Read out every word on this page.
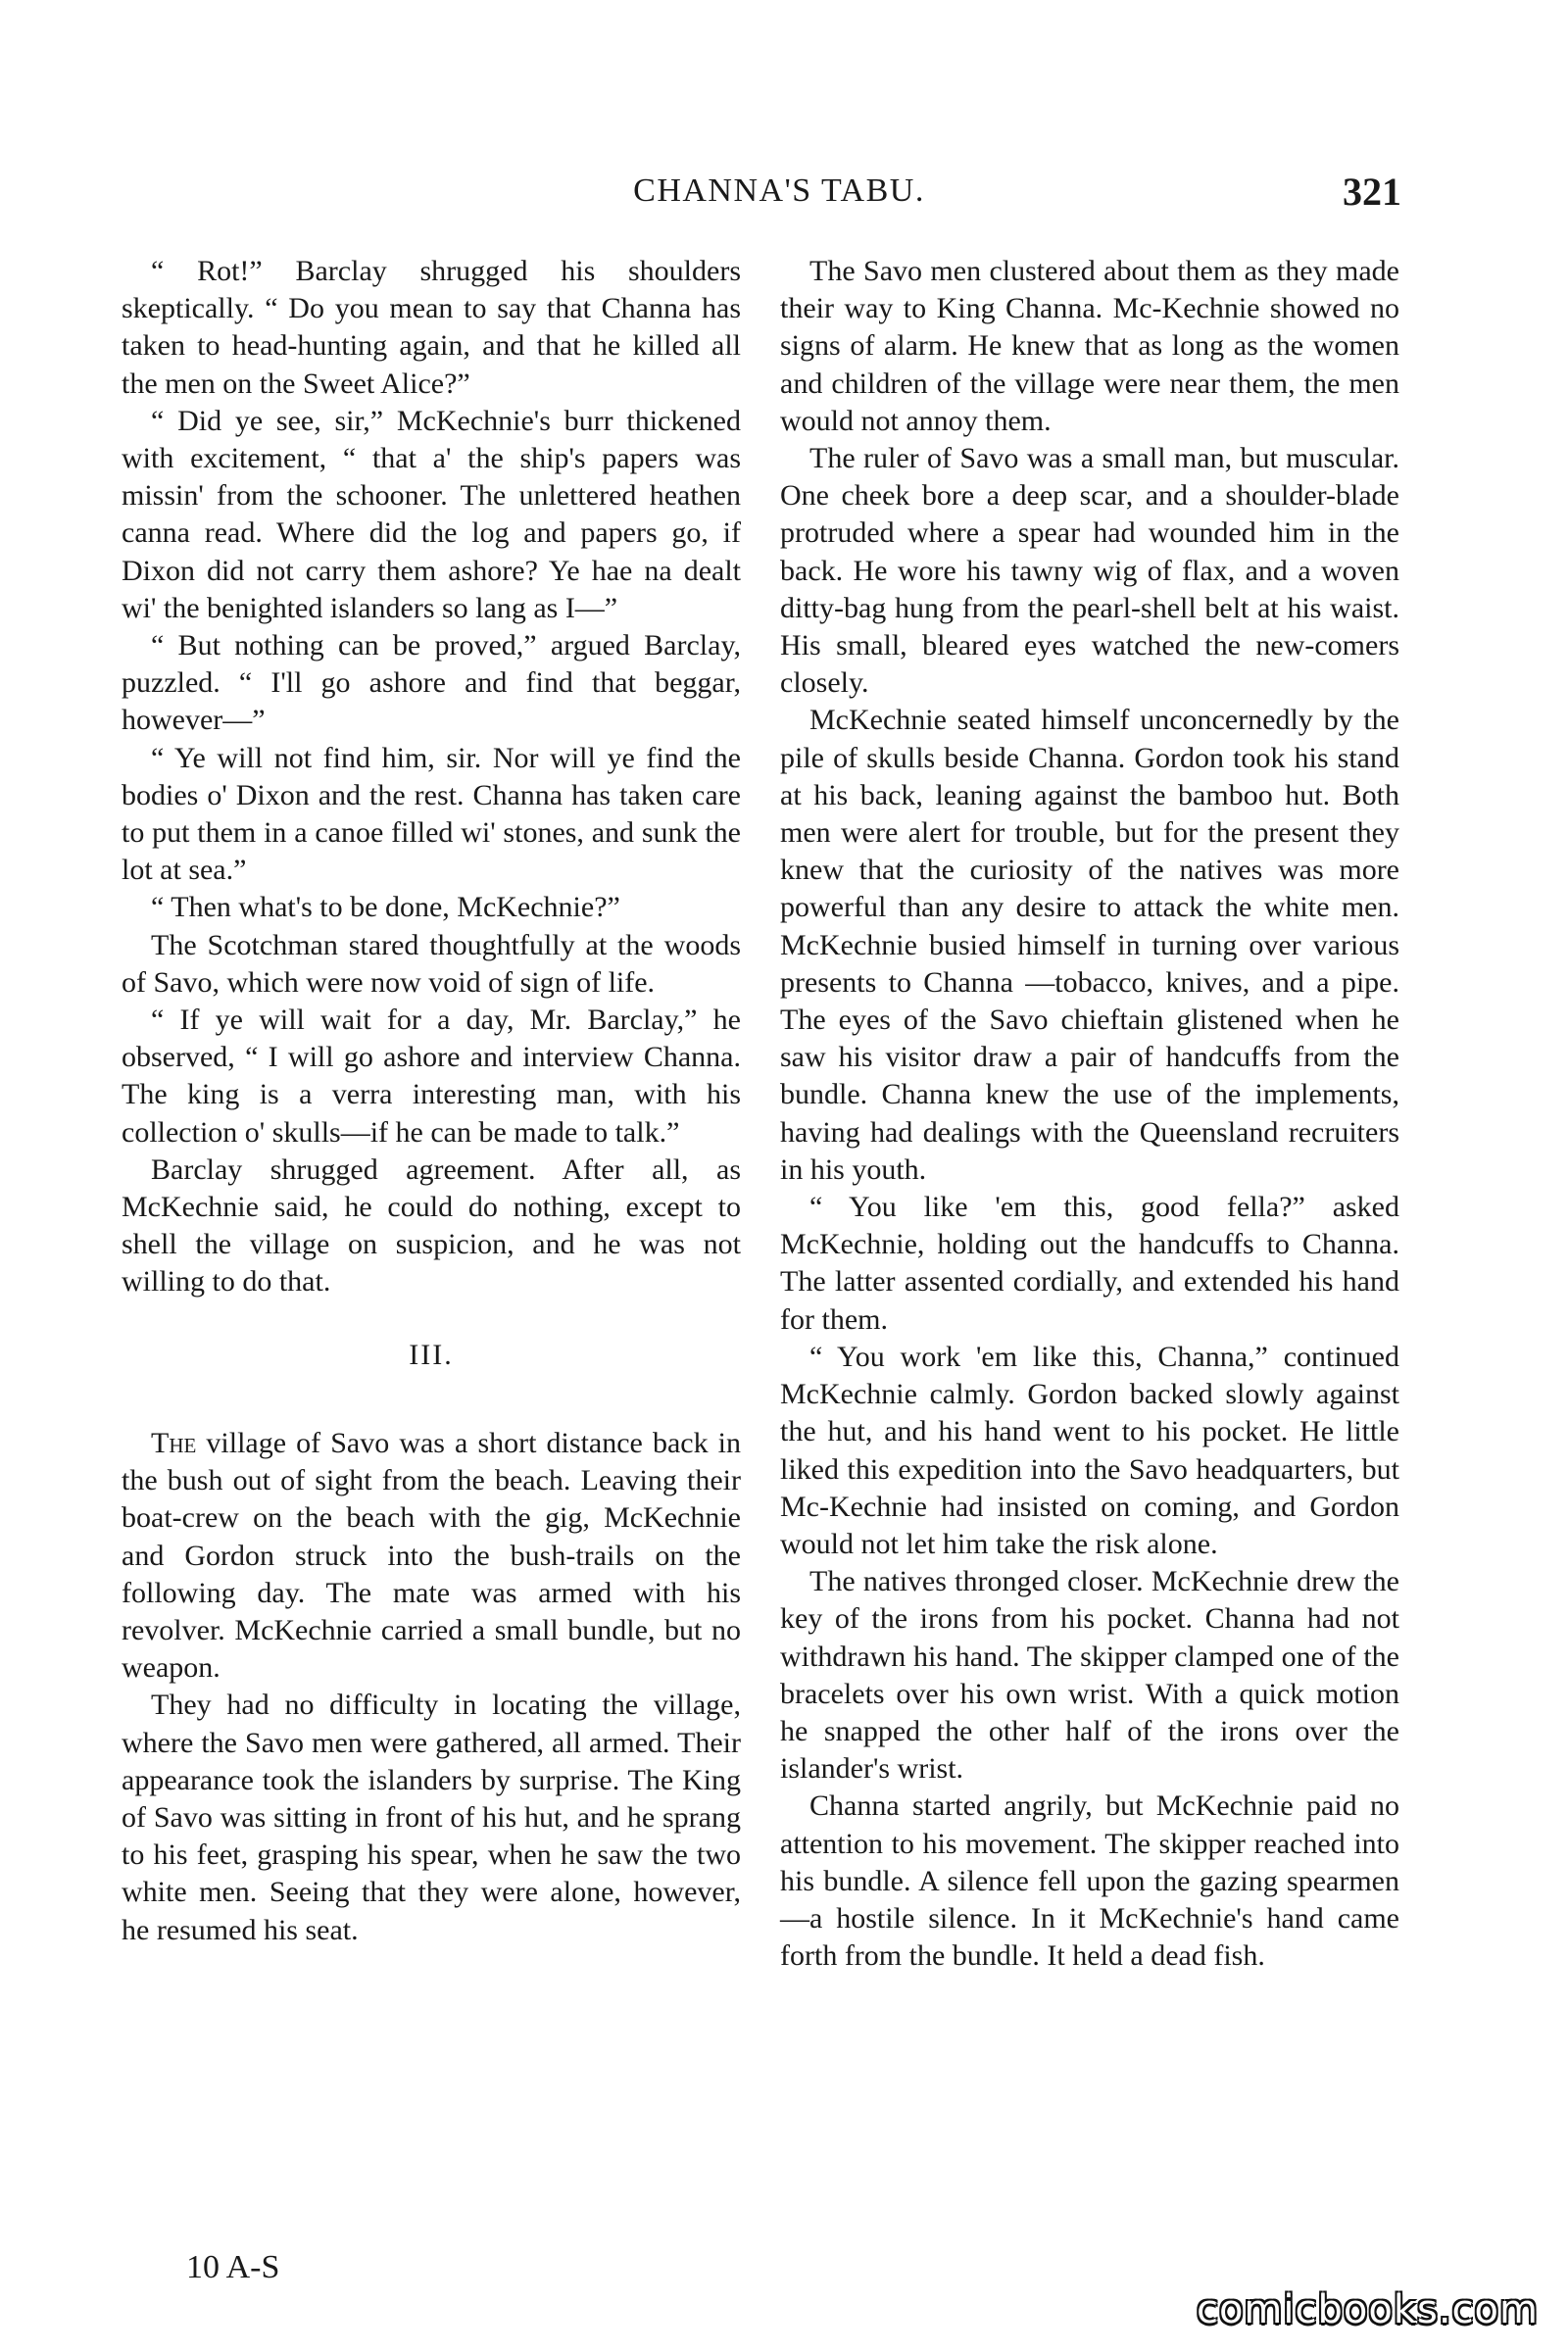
CHANNA'S TABU.	321

“ Rot!” Barclay shrugged his shoulders skeptically. “ Do you mean to say that Channa has taken to head-hunting again, and that he killed all the men on the Sweet Alice?”

“ Did ye see, sir,” McKechnie's burr thickened with excitement, “ that a' the ship's papers was missin' from the schooner. The unlettered heathen canna read. Where did the log and papers go, if Dixon did not carry them ashore? Ye hae na dealt wi' the benighted islanders so lang as I—”

“ But nothing can be proved,” argued Barclay, puzzled. “ I'll go ashore and find that beggar, however—”

“ Ye will not find him, sir. Nor will ye find the bodies o' Dixon and the rest. Channa has taken care to put them in a canoe filled wi' stones, and sunk the lot at sea.”

“ Then what's to be done, McKechnie?”

The Scotchman stared thoughtfully at the woods of Savo, which were now void of sign of life.

“ If ye will wait for a day, Mr. Barclay,” he observed, “ I will go ashore and interview Channa. The king is a verra interesting man, with his collection o' skulls—if he can be made to talk.”

Barclay shrugged agreement. After all, as McKechnie said, he could do nothing, except to shell the village on suspicion, and he was not willing to do that.

III.

The village of Savo was a short distance back in the bush out of sight from the beach. Leaving their boat-crew on the beach with the gig, McKechnie and Gordon struck into the bush-trails on the following day. The mate was armed with his revolver. McKechnie carried a small bundle, but no weapon.

They had no difficulty in locating the village, where the Savo men were gathered, all armed. Their appearance took the islanders by surprise. The King of Savo was sitting in front of his hut, and he sprang to his feet, grasping his spear, when he saw the two white men. Seeing that they were alone, however, he resumed his seat.

The Savo men clustered about them as they made their way to King Channa. Mc-Kechnie showed no signs of alarm. He knew that as long as the women and children of the village were near them, the men would not annoy them.

The ruler of Savo was a small man, but muscular. One cheek bore a deep scar, and a shoulder-blade protruded where a spear had wounded him in the back. He wore his tawny wig of flax, and a woven ditty-bag hung from the pearl-shell belt at his waist. His small, bleared eyes watched the new-comers closely.

McKechnie seated himself unconcernedly by the pile of skulls beside Channa. Gordon took his stand at his back, leaning against the bamboo hut. Both men were alert for trouble, but for the present they knew that the curiosity of the natives was more powerful than any desire to attack the white men. McKechnie busied himself in turning over various presents to Channa —tobacco, knives, and a pipe. The eyes of the Savo chieftain glistened when he saw his visitor draw a pair of handcuffs from the bundle. Channa knew the use of the implements, having had dealings with the Queensland recruiters in his youth.

“ You like 'em this, good fella?” asked McKechnie, holding out the handcuffs to Channa. The latter assented cordially, and extended his hand for them.

“ You work 'em like this, Channa,” continued McKechnie calmly. Gordon backed slowly against the hut, and his hand went to his pocket. He little liked this expedition into the Savo headquarters, but Mc-Kechnie had insisted on coming, and Gordon would not let him take the risk alone.

The natives thronged closer. McKechnie drew the key of the irons from his pocket. Channa had not withdrawn his hand. The skipper clamped one of the bracelets over his own wrist. With a quick motion he snapped the other half of the irons over the islander's wrist.

Channa started angrily, but McKechnie paid no attention to his movement. The skipper reached into his bundle. A silence fell upon the gazing spearmen—a hostile silence. In it McKechnie's hand came forth from the bundle. It held a dead fish.

10 A-S
comicbooks.com
